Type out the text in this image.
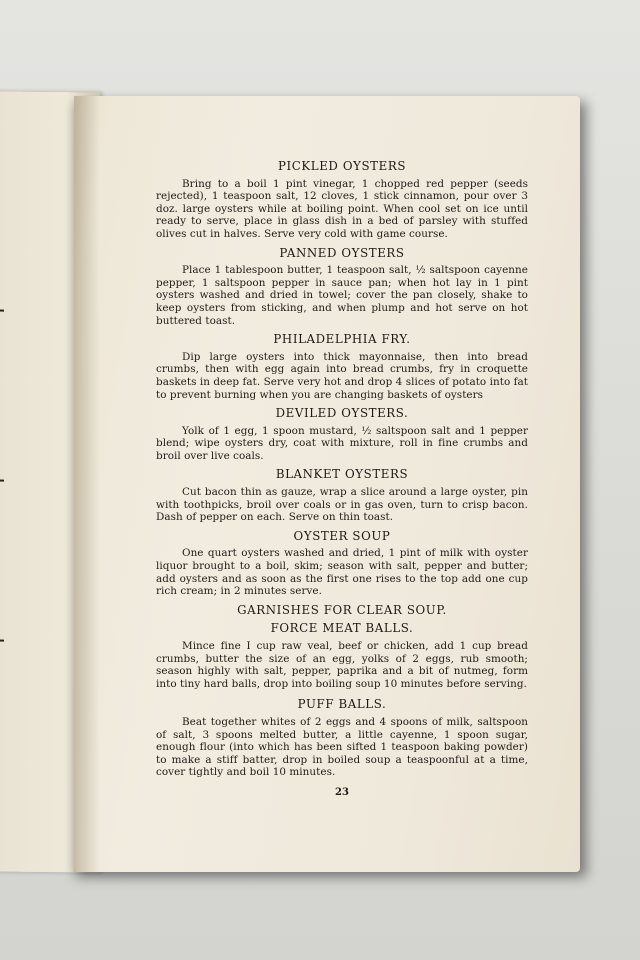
PICKLED OYSTERS
Bring to a boil 1 pint vinegar, 1 chopped red pepper (seeds rejected), 1 teaspoon salt, 12 cloves, 1 stick cinnamon, pour over 3 doz. large oysters while at boiling point. When cool set on ice until ready to serve, place in glass dish in a bed of parsley with stuffed olives cut in halves. Serve very cold with game course.
PANNED OYSTERS
Place 1 tablespoon butter, 1 teaspoon salt, ½ saltspoon cayenne pepper, 1 saltspoon pepper in sauce pan; when hot lay in 1 pint oysters washed and dried in towel; cover the pan closely, shake to keep oysters from sticking, and when plump and hot serve on hot buttered toast.
PHILADELPHIA FRY.
Dip large oysters into thick mayonnaise, then into bread crumbs, then with egg again into bread crumbs, fry in croquette baskets in deep fat. Serve very hot and drop 4 slices of potato into fat to prevent burning when you are changing baskets of oysters
DEVILED OYSTERS.
Yolk of 1 egg, 1 spoon mustard, ½ saltspoon salt and 1 pepper blend; wipe oysters dry, coat with mixture, roll in fine crumbs and broil over live coals.
BLANKET OYSTERS
Cut bacon thin as gauze, wrap a slice around a large oyster, pin with toothpicks, broil over coals or in gas oven, turn to crisp bacon. Dash of pepper on each. Serve on thin toast.
OYSTER SOUP
One quart oysters washed and dried, 1 pint of milk with oyster liquor brought to a boil, skim; season with salt, pepper and butter; add oysters and as soon as the first one rises to the top add one cup rich cream; in 2 minutes serve.
GARNISHES FOR CLEAR SOUP.
FORCE MEAT BALLS.
Mince fine I cup raw veal, beef or chicken, add 1 cup bread crumbs, butter the size of an egg, yolks of 2 eggs, rub smooth; season highly with salt, pepper, paprika and a bit of nutmeg, form into tiny hard balls, drop into boiling soup 10 minutes before serving.
PUFF BALLS.
Beat together whites of 2 eggs and 4 spoons of milk, saltspoon of salt, 3 spoons melted butter, a little cayenne, 1 spoon sugar, enough flour (into which has been sifted 1 teaspoon baking powder) to make a stiff batter, drop in boiled soup a teaspoonful at a time, cover tightly and boil 10 minutes.
23
